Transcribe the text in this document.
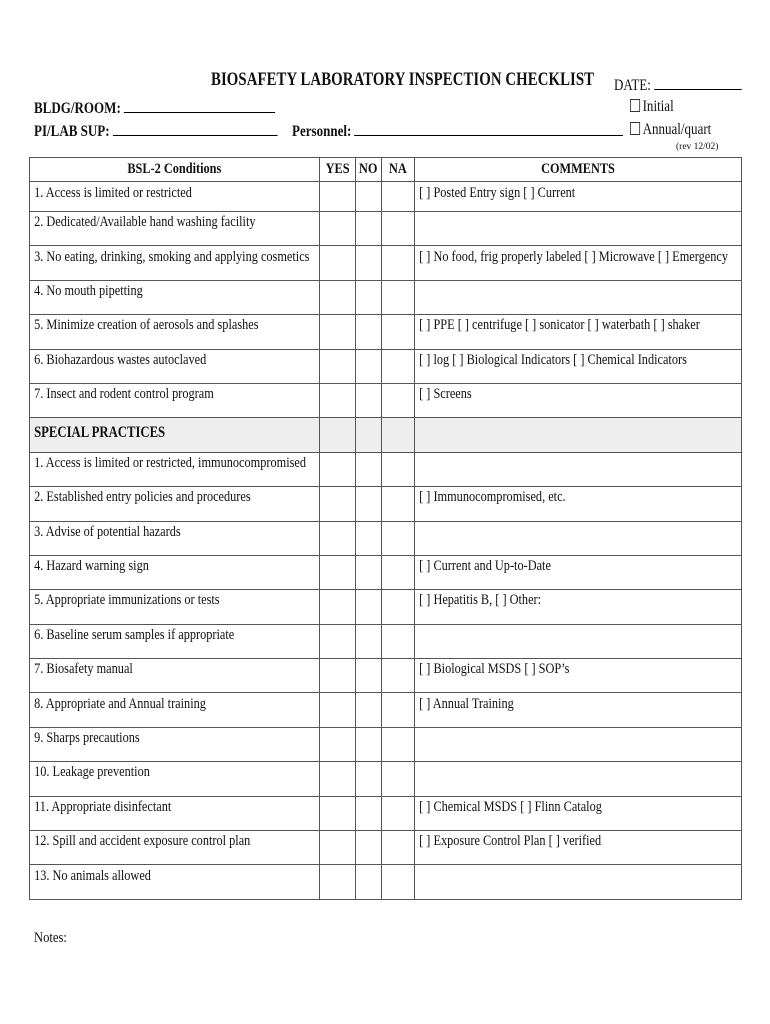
BIOSAFETY LABORATORY INSPECTION CHECKLIST DATE:
BLDG/ROOM:	Initial
PI/LAB SUP:	Personnel:	Annual/quart
(rev 12/02)
BSL-2 Conditions	YES	NO	NA	COMMENTS

1. Access is limited or restricted				[ ] Posted Entry sign [ ] Current

2. Dedicated/Available hand washing facility				

3. No eating, drinking, smoking and applying cosmetics				[ ] No food, frig properly labeled [ ] Microwave [ ] Emergency

4. No mouth pipetting				

5. Minimize creation of aerosols and splashes				[ ] PPE [ ] centrifuge [ ] sonicator [ ] waterbath [ ] shaker

6. Biohazardous wastes autoclaved				[ ] log [ ] Biological Indicators [ ] Chemical Indicators

7. Insect and rodent control program				[ ] Screens

SPECIAL PRACTICES				

1. Access is limited or restricted, immunocompromised				

2. Established entry policies and procedures				[ ] Immunocompromised, etc.

3. Advise of potential hazards				

4. Hazard warning sign				[ ] Current and Up-to-Date

5. Appropriate immunizations or tests				[ ] Hepatitis B, [ ] Other:

6. Baseline serum samples if appropriate				

7. Biosafety manual				[ ] Biological MSDS [ ] SOP’s

8. Appropriate and Annual training				[ ] Annual Training

9. Sharps precautions				

10. Leakage prevention				

11. Appropriate disinfectant				[ ] Chemical MSDS [ ] Flinn Catalog

12. Spill and accident exposure control plan				[ ] Exposure Control Plan [ ] verified

13. No animals allowed				

Notes:
